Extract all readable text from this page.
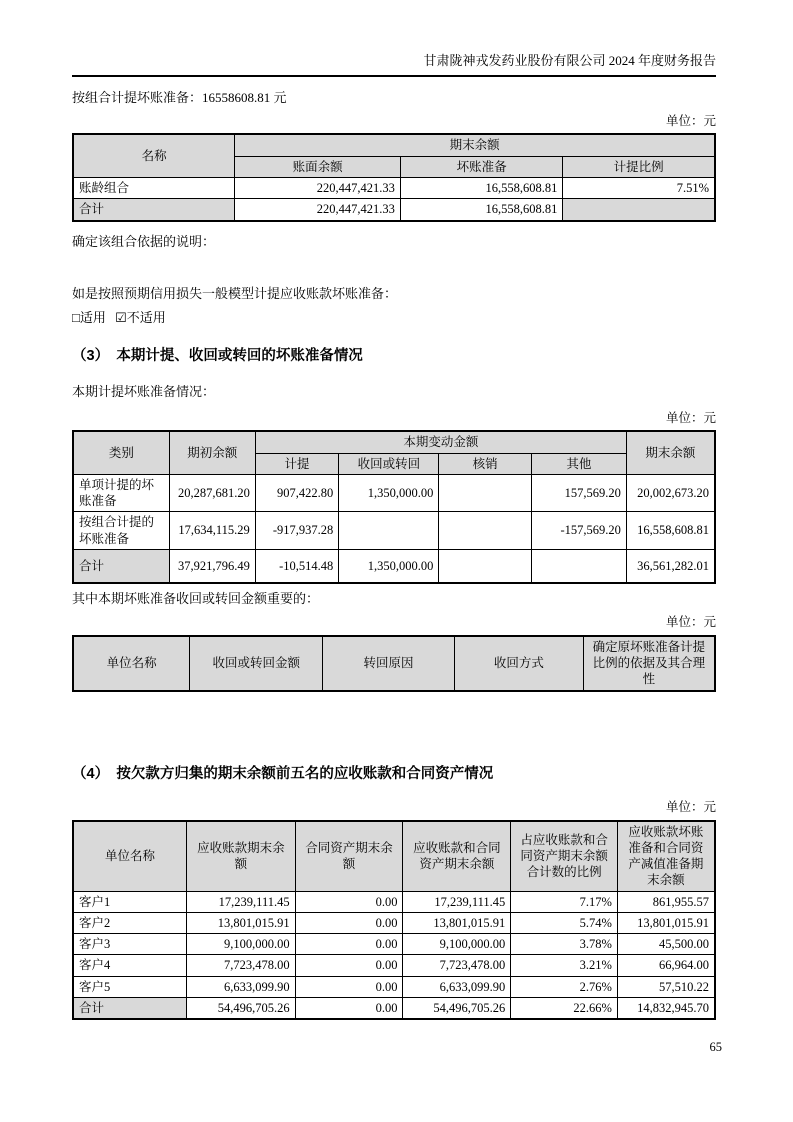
甘肃陇神戎发药业股份有限公司 2024 年度财务报告

按组合计提坏账准备：16558608.81 元

单位：元
名称	期末余额		
	账面余额	坏账准备	计提比例
账龄组合	220,447,421.33	16,558,608.81	7.51%
合计	220,447,421.33	16,558,608.81	

确定该组合依据的说明：

如是按照预期信用损失一般模型计提应收账款坏账准备：

□适用 ☑不适用

（3）　本期计提、收回或转回的坏账准备情况

本期计提坏账准备情况：

单位：元
类别	期初余额	本期变动金额				期末余额
		计提	收回或转回	核销	其他	
单项计提的坏账准备	20,287,681.20	907,422.80	1,350,000.00		157,569.20	20,002,673.20
按组合计提的坏账准备	17,634,115.29	-917,937.28			-157,569.20	16,558,608.81
合计	37,921,796.49	-10,514.48	1,350,000.00			36,561,282.01

其中本期坏账准备收回或转回金额重要的：

单位：元
单位名称	收回或转回金额	转回原因	收回方式	确定原坏账准备计提比例的依据及其合理性
（4）　按欠款方归集的期末余额前五名的应收账款和合同资产情况
单位：元
单位名称	应收账款期末余额	合同资产期末余额	应收账款和合同资产期末余额	占应收账款和合同资产期末余额合计数的比例	应收账款坏账准备和合同资产减值准备期末余额
客户1	17,239,111.45	0.00	17,239,111.45	7.17%	861,955.57
客户2	13,801,015.91	0.00	13,801,015.91	5.74%	13,801,015.91
客户3	9,100,000.00	0.00	9,100,000.00	3.78%	45,500.00
客户4	7,723,478.00	0.00	7,723,478.00	3.21%	66,964.00
客户5	6,633,099.90	0.00	6,633,099.90	2.76%	57,510.22
合计	54,496,705.26	0.00	54,496,705.26	22.66%	14,832,945.70
65
